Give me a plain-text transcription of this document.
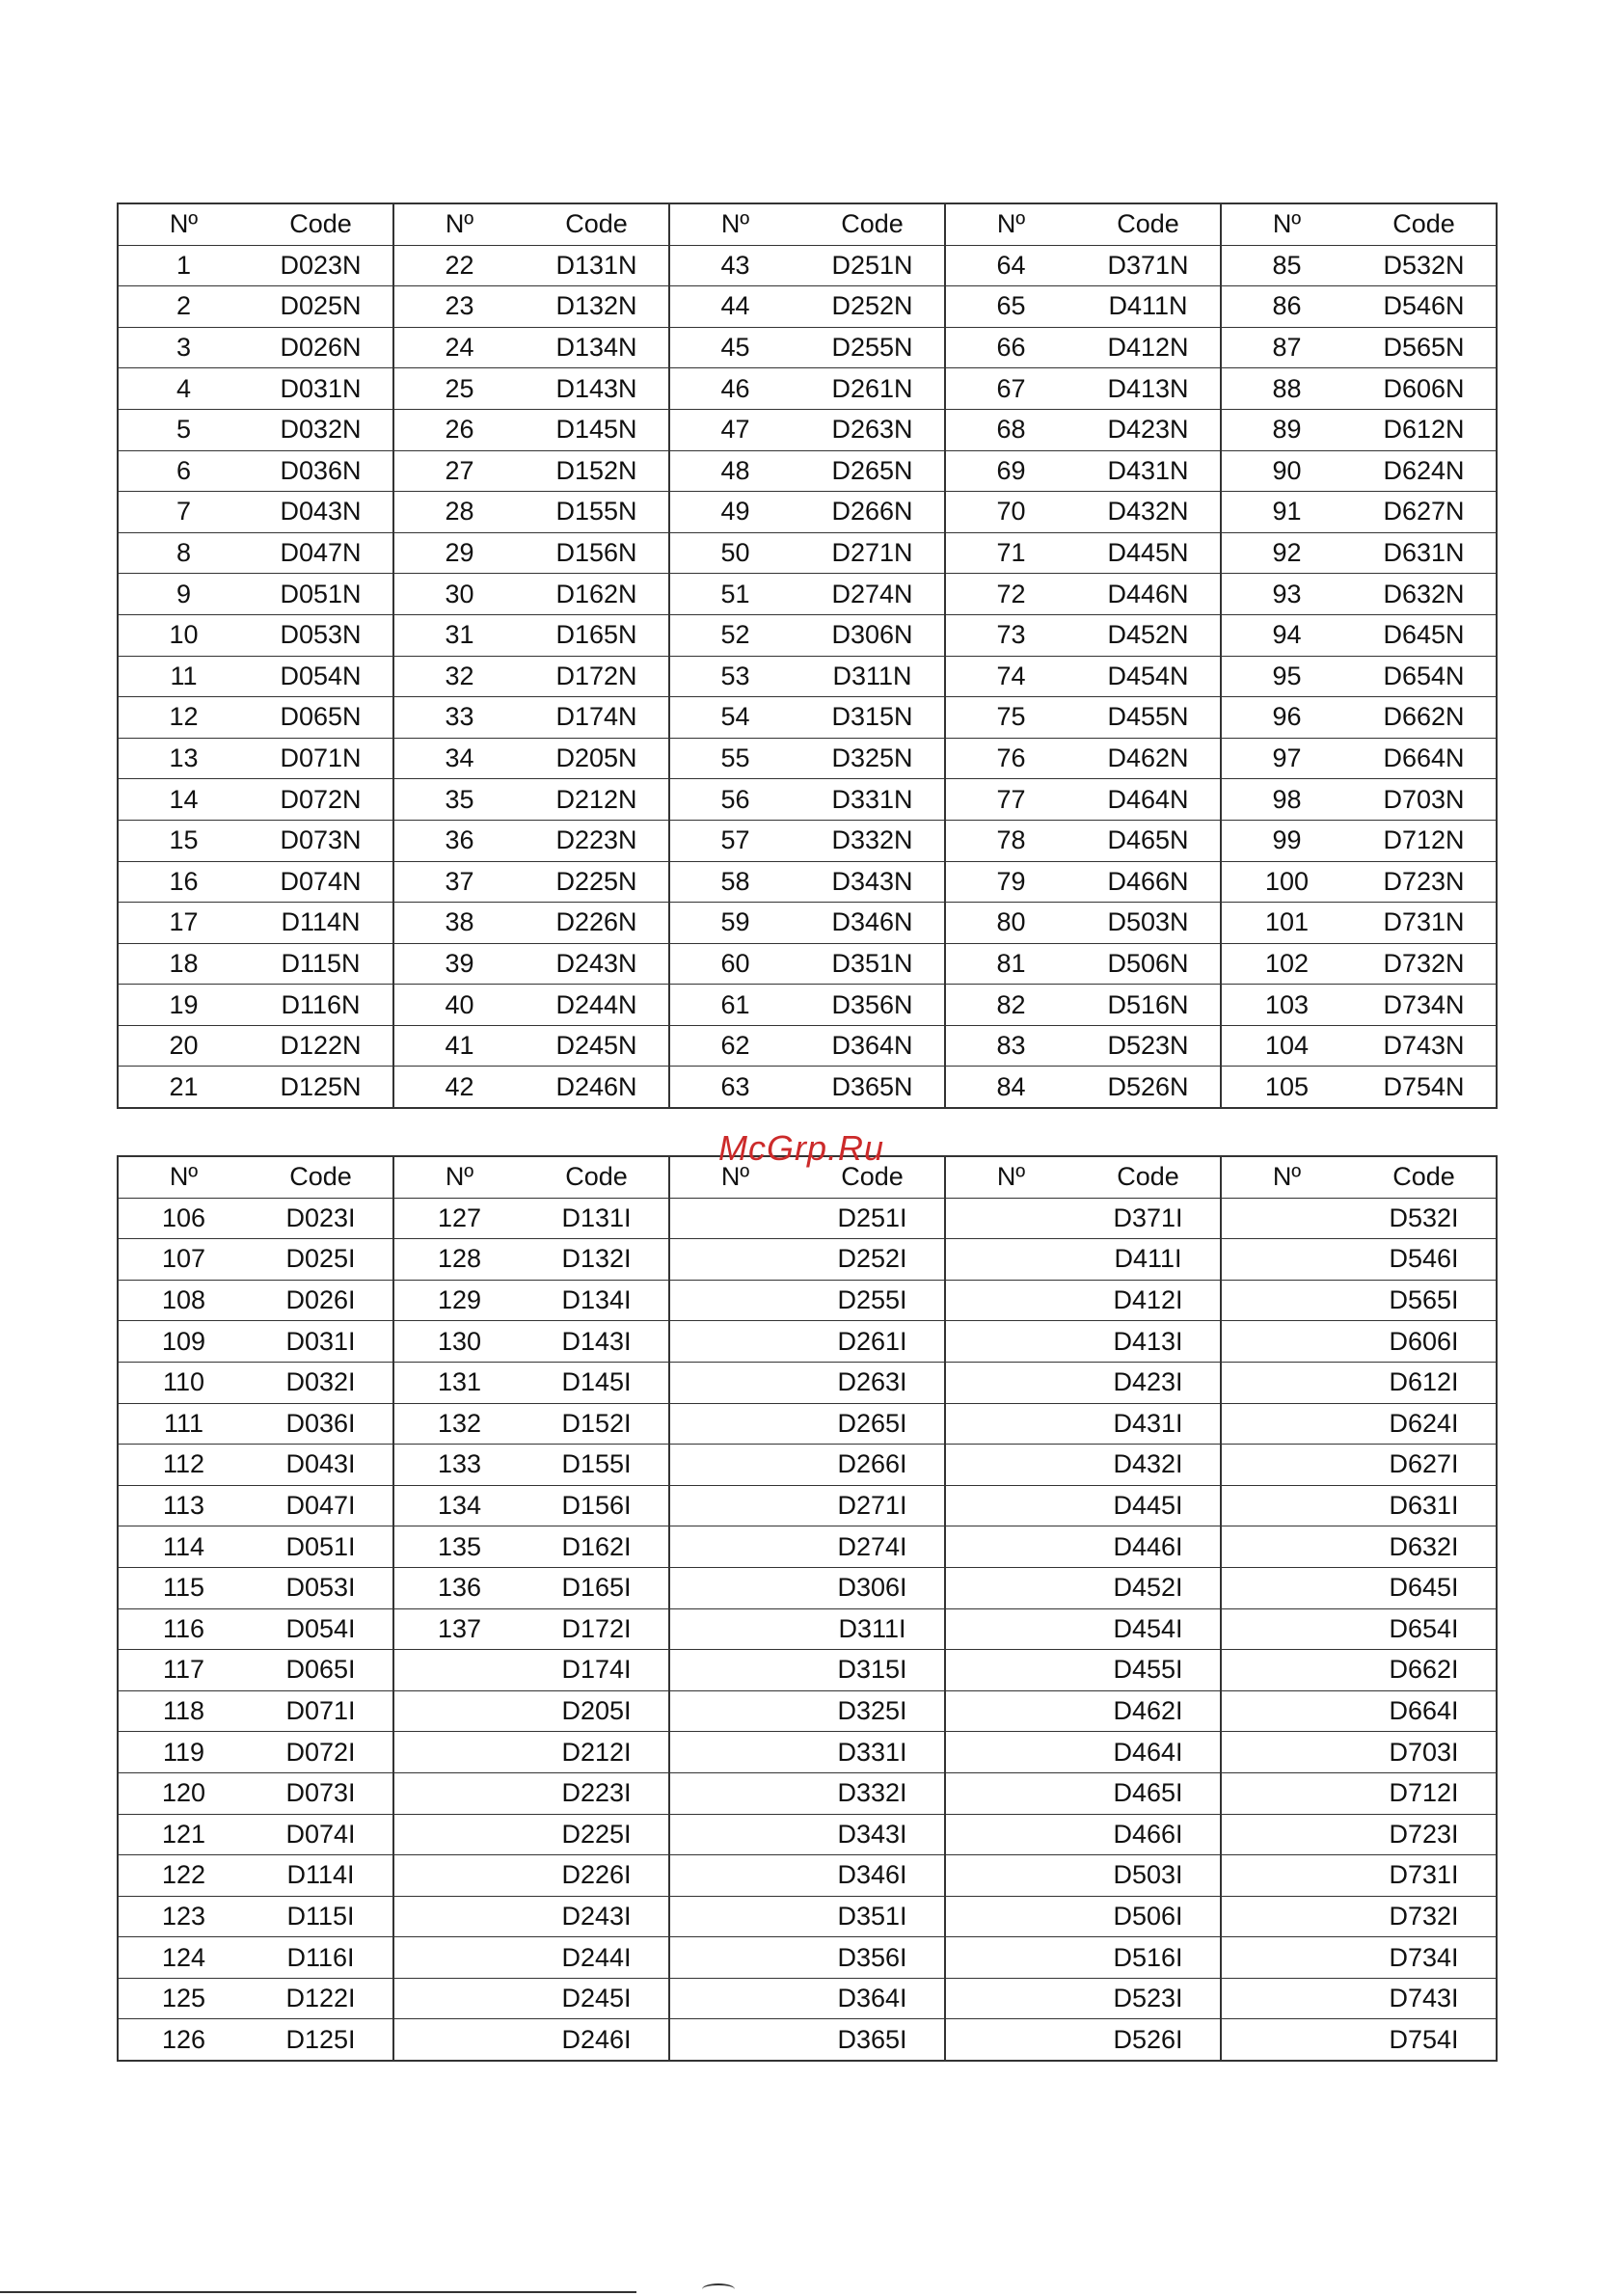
Nº	Code	Nº	Code	Nº	Code	Nº	Code	Nº	Code
1	D023N	22	D131N	43	D251N	64	D371N	85	D532N
2	D025N	23	D132N	44	D252N	65	D411N	86	D546N
3	D026N	24	D134N	45	D255N	66	D412N	87	D565N
4	D031N	25	D143N	46	D261N	67	D413N	88	D606N
5	D032N	26	D145N	47	D263N	68	D423N	89	D612N
6	D036N	27	D152N	48	D265N	69	D431N	90	D624N
7	D043N	28	D155N	49	D266N	70	D432N	91	D627N
8	D047N	29	D156N	50	D271N	71	D445N	92	D631N
9	D051N	30	D162N	51	D274N	72	D446N	93	D632N
10	D053N	31	D165N	52	D306N	73	D452N	94	D645N
11	D054N	32	D172N	53	D311N	74	D454N	95	D654N
12	D065N	33	D174N	54	D315N	75	D455N	96	D662N
13	D071N	34	D205N	55	D325N	76	D462N	97	D664N
14	D072N	35	D212N	56	D331N	77	D464N	98	D703N
15	D073N	36	D223N	57	D332N	78	D465N	99	D712N
16	D074N	37	D225N	58	D343N	79	D466N	100	D723N
17	D114N	38	D226N	59	D346N	80	D503N	101	D731N
18	D115N	39	D243N	60	D351N	81	D506N	102	D732N
19	D116N	40	D244N	61	D356N	82	D516N	103	D734N
20	D122N	41	D245N	62	D364N	83	D523N	104	D743N
21	D125N	42	D246N	63	D365N	84	D526N	105	D754N
McGrp.Ru
Nº	Code	Nº	Code	Nº	Code	Nº	Code	Nº	Code
106	D023I	127	D131I		D251I		D371I		D532I
107	D025I	128	D132I		D252I		D411I		D546I
108	D026I	129	D134I		D255I		D412I		D565I
109	D031I	130	D143I		D261I		D413I		D606I
110	D032I	131	D145I		D263I		D423I		D612I
111	D036I	132	D152I		D265I		D431I		D624I
112	D043I	133	D155I		D266I		D432I		D627I
113	D047I	134	D156I		D271I		D445I		D631I
114	D051I	135	D162I		D274I		D446I		D632I
115	D053I	136	D165I		D306I		D452I		D645I
116	D054I	137	D172I		D311I		D454I		D654I
117	D065I		D174I		D315I		D455I		D662I
118	D071I		D205I		D325I		D462I		D664I
119	D072I		D212I		D331I		D464I		D703I
120	D073I		D223I		D332I		D465I		D712I
121	D074I		D225I		D343I		D466I		D723I
122	D114I		D226I		D346I		D503I		D731I
123	D115I		D243I		D351I		D506I		D732I
124	D116I		D244I		D356I		D516I		D734I
125	D122I		D245I		D364I		D523I		D743I
126	D125I		D246I		D365I		D526I		D754I
